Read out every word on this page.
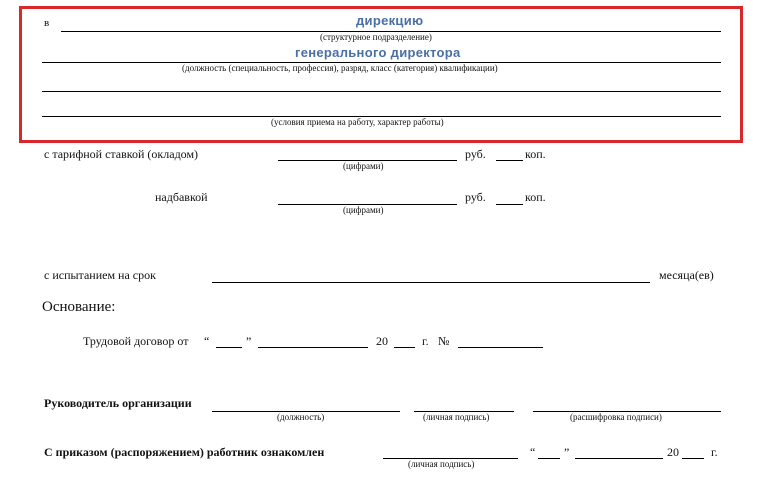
в	дирекцию
(структурное подразделение)
генерального директора
(должность (специальность, профессия), разряд, класс (категория) квалификации)
(условия приема на работу, характер работы)
с тарифной ставкой (окладом)
(цифрами)
руб.	коп.
надбавкой
(цифрами)
руб.	коп.
с испытанием на срок	месяца(ев)
Основание:
Трудовой договор от “	”	20	г. №
Руководитель организации
(должность)	(личная подпись)	(расшифровка подписи)
С приказом (распоряжением) работник ознакомлен
(личная подпись)
“ ”	20	г.
